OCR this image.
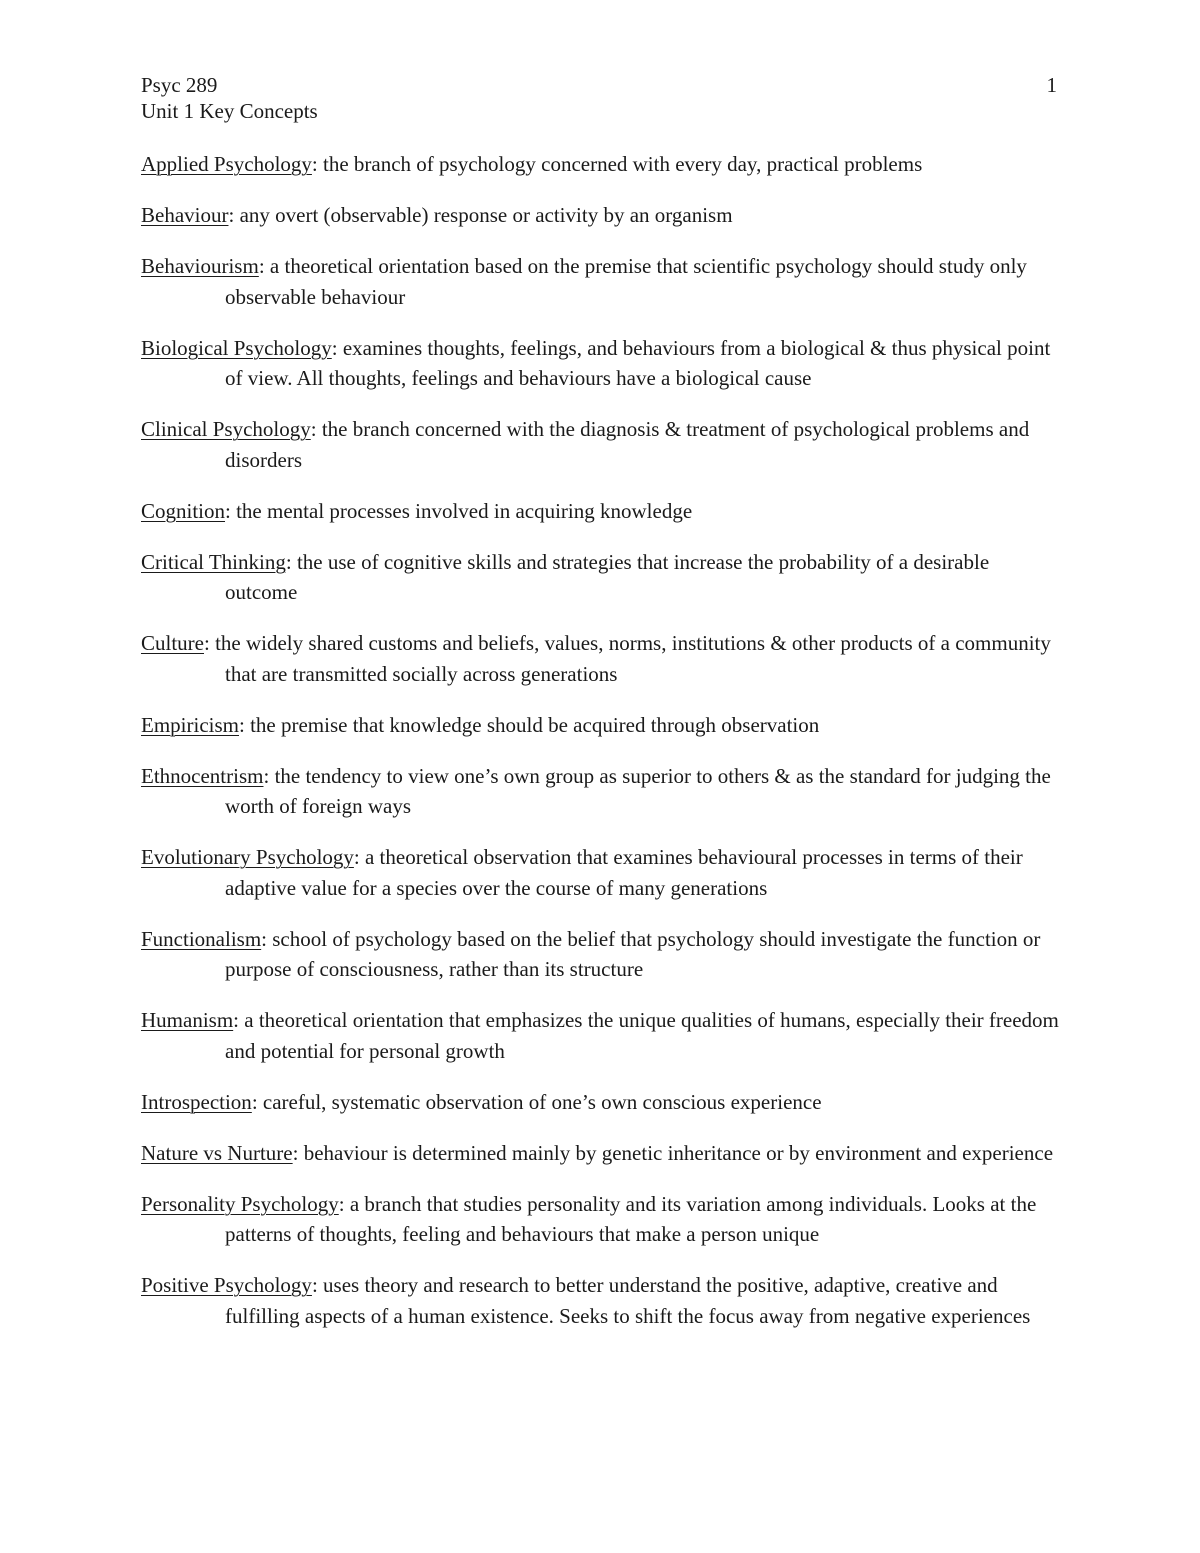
Psyc 289	1
Unit 1 Key Concepts

Applied Psychology: the branch of psychology concerned with every day, practical problems

Behaviour: any overt (observable) response or activity by an organism

Behaviourism: a theoretical orientation based on the premise that scientific psychology should study only observable behaviour

Biological Psychology: examines thoughts, feelings, and behaviours from a biological & thus physical point of view. All thoughts, feelings and behaviours have a biological cause

Clinical Psychology: the branch concerned with the diagnosis & treatment of psychological problems and disorders

Cognition: the mental processes involved in acquiring knowledge

Critical Thinking: the use of cognitive skills and strategies that increase the probability of a desirable outcome

Culture: the widely shared customs and beliefs, values, norms, institutions & other products of a community that are transmitted socially across generations

Empiricism: the premise that knowledge should be acquired through observation

Ethnocentrism: the tendency to view one’s own group as superior to others & as the standard for judging the worth of foreign ways

Evolutionary Psychology: a theoretical observation that examines behavioural processes in terms of their adaptive value for a species over the course of many generations

Functionalism: school of psychology based on the belief that psychology should investigate the function or purpose of consciousness, rather than its structure

Humanism: a theoretical orientation that emphasizes the unique qualities of humans, especially their freedom and potential for personal growth

Introspection: careful, systematic observation of one’s own conscious experience

Nature vs Nurture: behaviour is determined mainly by genetic inheritance or by environment and experience

Personality Psychology: a branch that studies personality and its variation among individuals. Looks at the patterns of thoughts, feeling and behaviours that make a person unique

Positive Psychology: uses theory and research to better understand the positive, adaptive, creative and fulfilling aspects of a human existence. Seeks to shift the focus away from negative experiences
